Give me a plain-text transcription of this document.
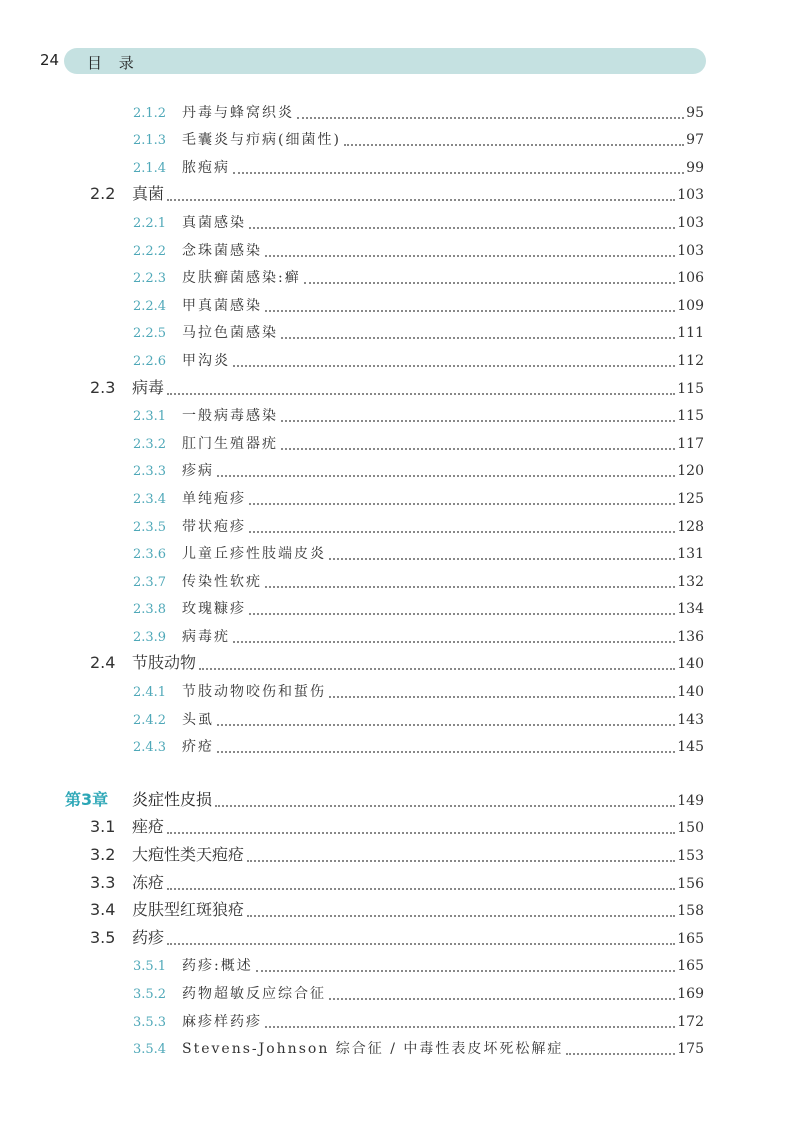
24 目 录
2.1.2 丹毒与蜂窝织炎	95
2.1.3 毛囊炎与疖病(细菌性)	97
2.1.4 脓疱病	99
2.2 真菌	103
2.2.1 真菌感染	103
2.2.2 念珠菌感染	103
2.2.3 皮肤癣菌感染:癣	106
2.2.4 甲真菌感染	109
2.2.5 马拉色菌感染	111
2.2.6 甲沟炎	112
2.3 病毒	115
2.3.1 一般病毒感染	115
2.3.2 肛门生殖器疣	117
2.3.3 疹病	120
2.3.4 单纯疱疹	125
2.3.5 带状疱疹	128
2.3.6 儿童丘疹性肢端皮炎	131
2.3.7 传染性软疣	132
2.3.8 玫瑰糠疹	134
2.3.9 病毒疣	136
2.4 节肢动物	140
2.4.1 节肢动物咬伤和蜇伤	140
2.4.2 头虱	143
2.4.3 疥疮	145
第3章 炎症性皮损	149
3.1 痤疮	150
3.2 大疱性类天疱疮	153
3.3 冻疮	156
3.4 皮肤型红斑狼疮	158
3.5 药疹	165
3.5.1 药疹:概述	165
3.5.2 药物超敏反应综合征	169
3.5.3 麻疹样药疹	172
3.5.4 Stevens-Johnson 综合征 / 中毒性表皮坏死松解症	175
